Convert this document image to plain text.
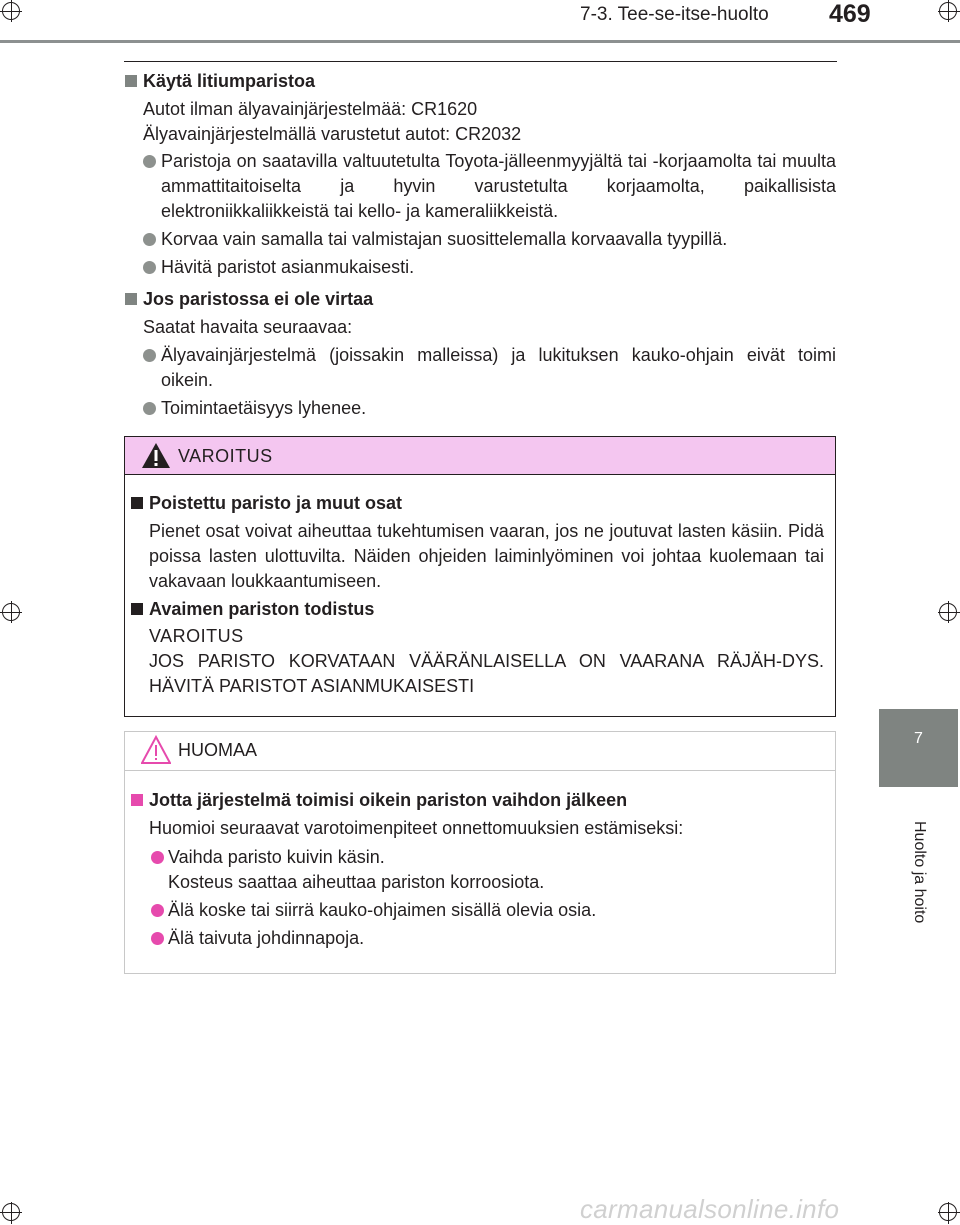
7-3. Tee-se-itse-huolto 469
7
Huolto ja hoito
Käytä litiumparistoa
Autot ilman älyavainjärjestelmää: CR1620
Älyavainjärjestelmällä varustetut autot: CR2032
Paristoja on saatavilla valtuutetulta Toyota-jälleenmyyjältä tai -korjaamolta tai muulta ammattitaitoiselta ja hyvin varustetulta korjaamolta, paikallisista elektroniikkaliikkeistä tai kello- ja kameraliikkeistä.
Korvaa vain samalla tai valmistajan suosittelemalla korvaavalla tyypillä.
Hävitä paristot asianmukaisesti.
Jos paristossa ei ole virtaa
Saatat havaita seuraavaa:
Älyavainjärjestelmä (joissakin malleissa) ja lukituksen kauko-ohjain eivät toimi oikein.
Toimintaetäisyys lyhenee.
VAROITUS
Poistettu paristo ja muut osat
Pienet osat voivat aiheuttaa tukehtumisen vaaran, jos ne joutuvat lasten käsiin. Pidä poissa lasten ulottuvilta. Näiden ohjeiden laiminlyöminen voi johtaa kuolemaan tai vakavaan loukkaantumiseen.
Avaimen pariston todistus
VAROITUS
JOS PARISTO KORVATAAN VÄÄRÄNLAISELLA ON VAARANA RÄJÄH-DYS. HÄVITÄ PARISTOT ASIANMUKAISESTI
HUOMAA
Jotta järjestelmä toimisi oikein pariston vaihdon jälkeen
Huomioi seuraavat varotoimenpiteet onnettomuuksien estämiseksi:
Vaihda paristo kuivin käsin.
Kosteus saattaa aiheuttaa pariston korroosiota.
Älä koske tai siirrä kauko-ohjaimen sisällä olevia osia.
Älä taivuta johdinnapoja.
carmanualsonline.info
